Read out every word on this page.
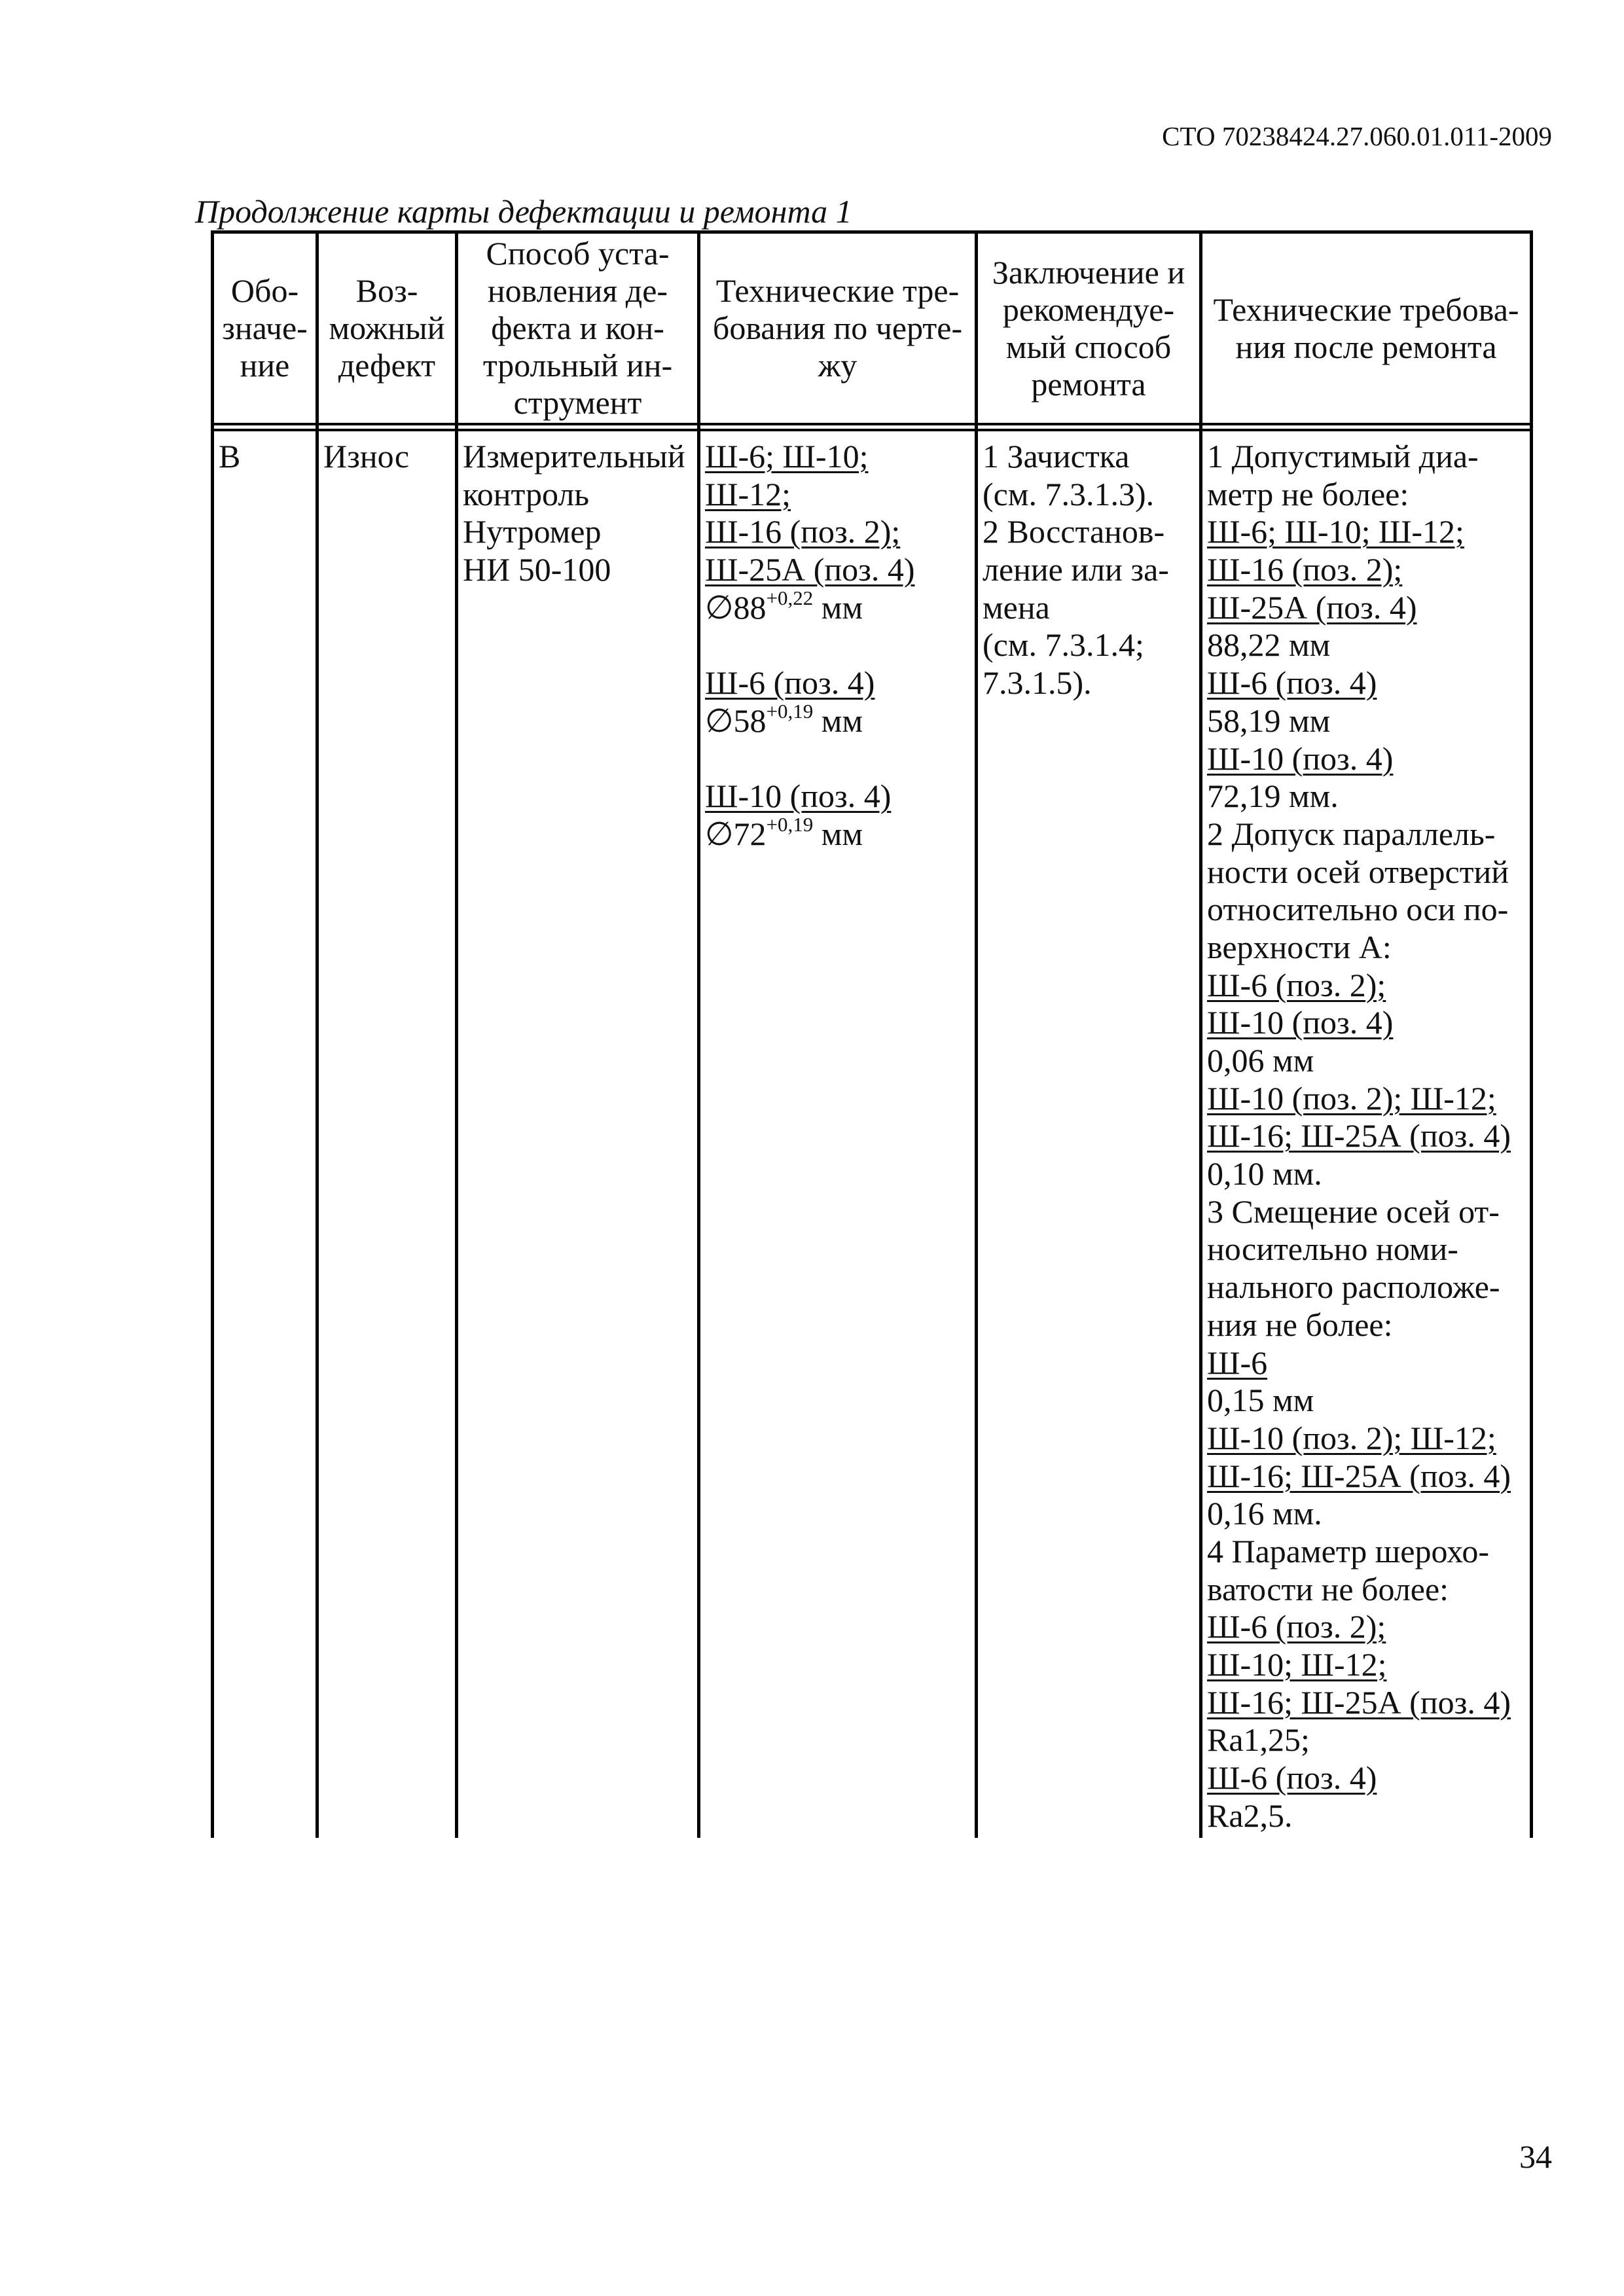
СТО 70238424.27.060.01.011-2009
Продолжение карты дефектации и ремонта 1
Обо-
значе-
ние
В
Воз-
можный
дефект
Износ
Способ уста-
новления де-
фекта и кон-
трольный ин-
струмент
Измерительный
контроль
Нутромер
НИ 50-100
Технические тре-
бования по черте-
жу
Ш-6; Ш-10;
Ш-12;
Ш-16 (поз. 2);
Ш-25А (поз. 4)
$\emptyset 88^{+0,22}$ мм
Ш-6 (поз. 4)
$\emptyset 58^{+0,19}$ мм
Ш-10 (поз. 4)
$\emptyset 72^{+0,19}$ мм
Заключение и
рекомендуе-
мый способ
ремонта
1 Зачистка
(см. 7.3.1.3).
2 Восстанов-
ление или за-
мена
(см. 7.3.1.4;
7.3.1.5).
Технические требова-
ния после ремонта
1 Допустимый диа-
метр не более:
Ш-6; Ш-10; Ш-12;
Ш-16 (поз. 2);
Ш-25А (поз. 4)
88,22 мм
Ш-6 (поз. 4)
58,19 мм
Ш-10 (поз. 4)
72,19 мм.
2 Допуск параллель-
ности осей отверстий
относительно оси по-
верхности А:
Ш-6 (поз. 2);
Ш-10 (поз. 4)
0,06 мм
Ш-10 (поз. 2); Ш-12;
Ш-16; Ш-25А (поз. 4)
0,10 мм.
3 Смещение осей от-
носительно номи-
нального расположе-
ния не более:
Ш-6
0,15 мм
Ш-10 (поз. 2); Ш-12;
Ш-16; Ш-25А (поз. 4)
0,16 мм.
4 Параметр шерохо-
ватости не более:
Ш-6 (поз. 2);
Ш-10; Ш-12;
Ш-16; Ш-25А (поз. 4)
Ra1,25;
Ш-6 (поз. 4)
Ra2,5.
34
